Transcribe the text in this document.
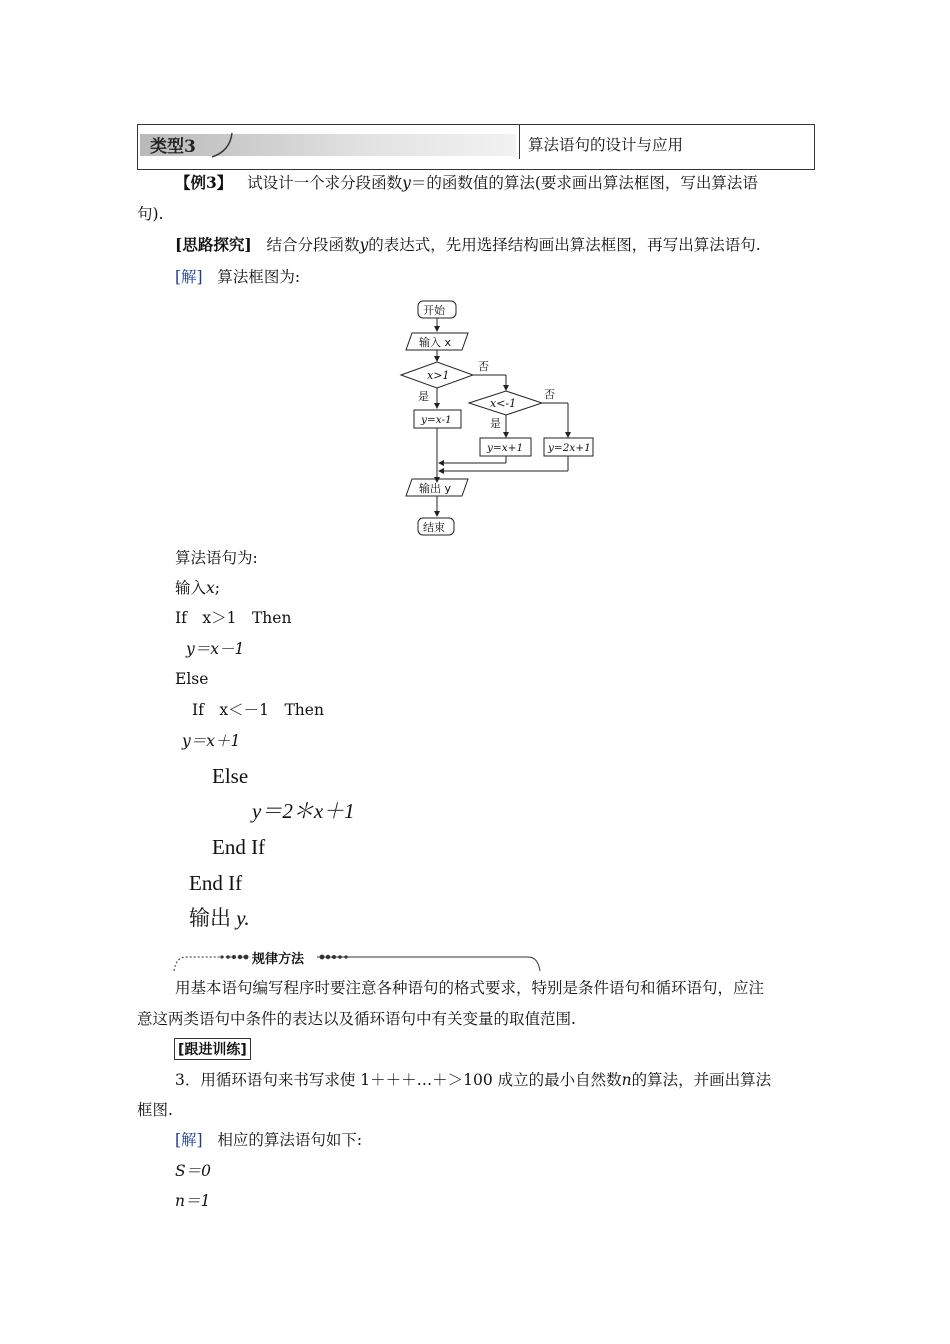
类型3	算法语句的设计与应用
【例3】 试设计一个求分段函数y＝的函数值的算法(要求画出算法框图，写出算法语
句).
[思路探究] 结合分段函数y的表达式，先用选择结构画出算法框图，再写出算法语句.
[解] 算法框图为:
开始
输入 x
x>1
否
是
y=x-1
x<-1
否
是
y=x+1 y=2x+1
输出 y
结束
算法语句为:
输入x;
If　x＞1　Then
y＝x－1
Else
If　x＜－1　Then
y＝x＋1
Else
y＝2＊x＋1
End If
End If
输出 y.
规律方法
用基本语句编写程序时要注意各种语句的格式要求，特别是条件语句和循环语句，应注
意这两类语句中条件的表达以及循环语句中有关变量的取值范围.
[跟进训练]
3．用循环语句来书写求使 1＋＋＋…＋＞100 成立的最小自然数n的算法，并画出算法
框图.
[解] 相应的算法语句如下:
S＝0
n＝1
